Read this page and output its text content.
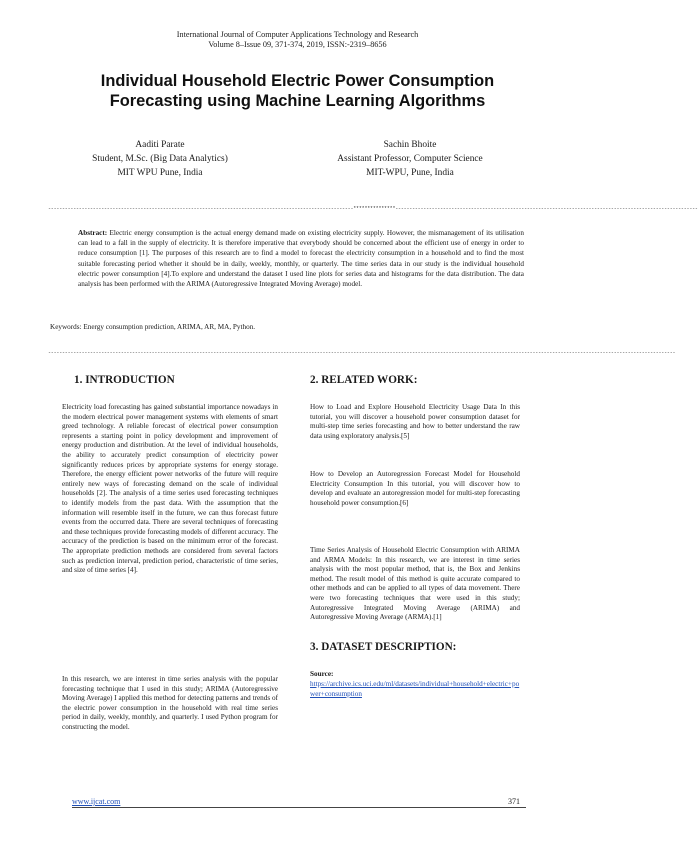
International Journal of Computer Applications Technology and Research
Volume 8–Issue 09, 371-374, 2019, ISSN:-2319–8656
Individual Household Electric Power Consumption
Forecasting using Machine Learning Algorithms
Aaditi Parate
Student, M.Sc. (Big Data Analytics)
MIT WPU Pune, India
Sachin Bhoite
Assistant Professor, Computer Science
MIT-WPU, Pune, India
-------------------------------------------------------------------------------------------------------------***************------------------------------------------------------------------------------------------------------------
Abstract: Electric energy consumption is the actual energy demand made on existing electricity supply. However, the mismanagement of its utilisation can lead to a fall in the supply of electricity. It is therefore imperative that everybody should be concerned about the efficient use of energy in order to reduce consumption [1]. The purposes of this research are to find a model to forecast the electricity consumption in a household and to find the most suitable forecasting period whether it should be in daily, weekly, monthly, or quarterly. The time series data in our study is the individual household electric power consumption [4].To explore and understand the dataset I used line plots for series data and histograms for the data distribution. The data analysis has been performed with the ARIMA (Autoregressive Integrated Moving Average) model.
Keywords: Energy consumption prediction, ARIMA, AR, MA, Python.
--------------------------------------------------------------------------------------------------------------------------------------------------------------------------------------------------------------------------------
1. INTRODUCTION
Electricity load forecasting has gained substantial importance nowadays in the modern electrical power management systems with elements of smart greed technology. A reliable forecast of electrical power consumption represents a starting point in policy development and improvement of energy production and distribution. At the level of individual households, the ability to accurately predict consumption of electricity power significantly reduces prices by appropriate systems for energy storage. Therefore, the energy efficient power networks of the future will require entirely new ways of forecasting demand on the scale of individual households [2]. The analysis of a time series used forecasting techniques to identify models from the past data. With the assumption that the information will resemble itself in the future, we can thus forecast future events from the occurred data. There are several techniques of forecasting and these techniques provide forecasting models of different accuracy. The accuracy of the prediction is based on the minimum error of the forecast. The appropriate prediction methods are considered from several factors such as prediction interval, prediction period, characteristic of time series, and size of time series [4].
In this research, we are interest in time series analysis with the popular forecasting technique that I used in this study; ARIMA (Autoregressive Moving Average) I applied this method for detecting patterns and trends of the electric power consumption in the household with real time series period in daily, weekly, monthly, and quarterly. I used Python program for constructing the model.
2. RELATED WORK:
How to Load and Explore Household Electricity Usage Data In this tutorial, you will discover a household power consumption dataset for multi-step time series forecasting and how to better understand the raw data using exploratory analysis.[5]
How to Develop an Autoregression Forecast Model for Household Electricity Consumption In this tutorial, you will discover how to develop and evaluate an autoregression model for multi-step forecasting household power consumption.[6]
Time Series Analysis of Household Electric Consumption with ARIMA and ARMA Models: In this research, we are interest in time series analysis with the most popular method, that is, the Box and Jenkins method. The result model of this method is quite accurate compared to other methods and can be applied to all types of data movement. There were two forecasting techniques that were used in this study; Autoregressive Integrated Moving Average (ARIMA) and Autoregressive Moving Average (ARMA).[1]
3. DATASET DESCRIPTION:
Source:
https://archive.ics.uci.edu/ml/datasets/individual+household+electric+power+consumption
www.ijcat.com	371
